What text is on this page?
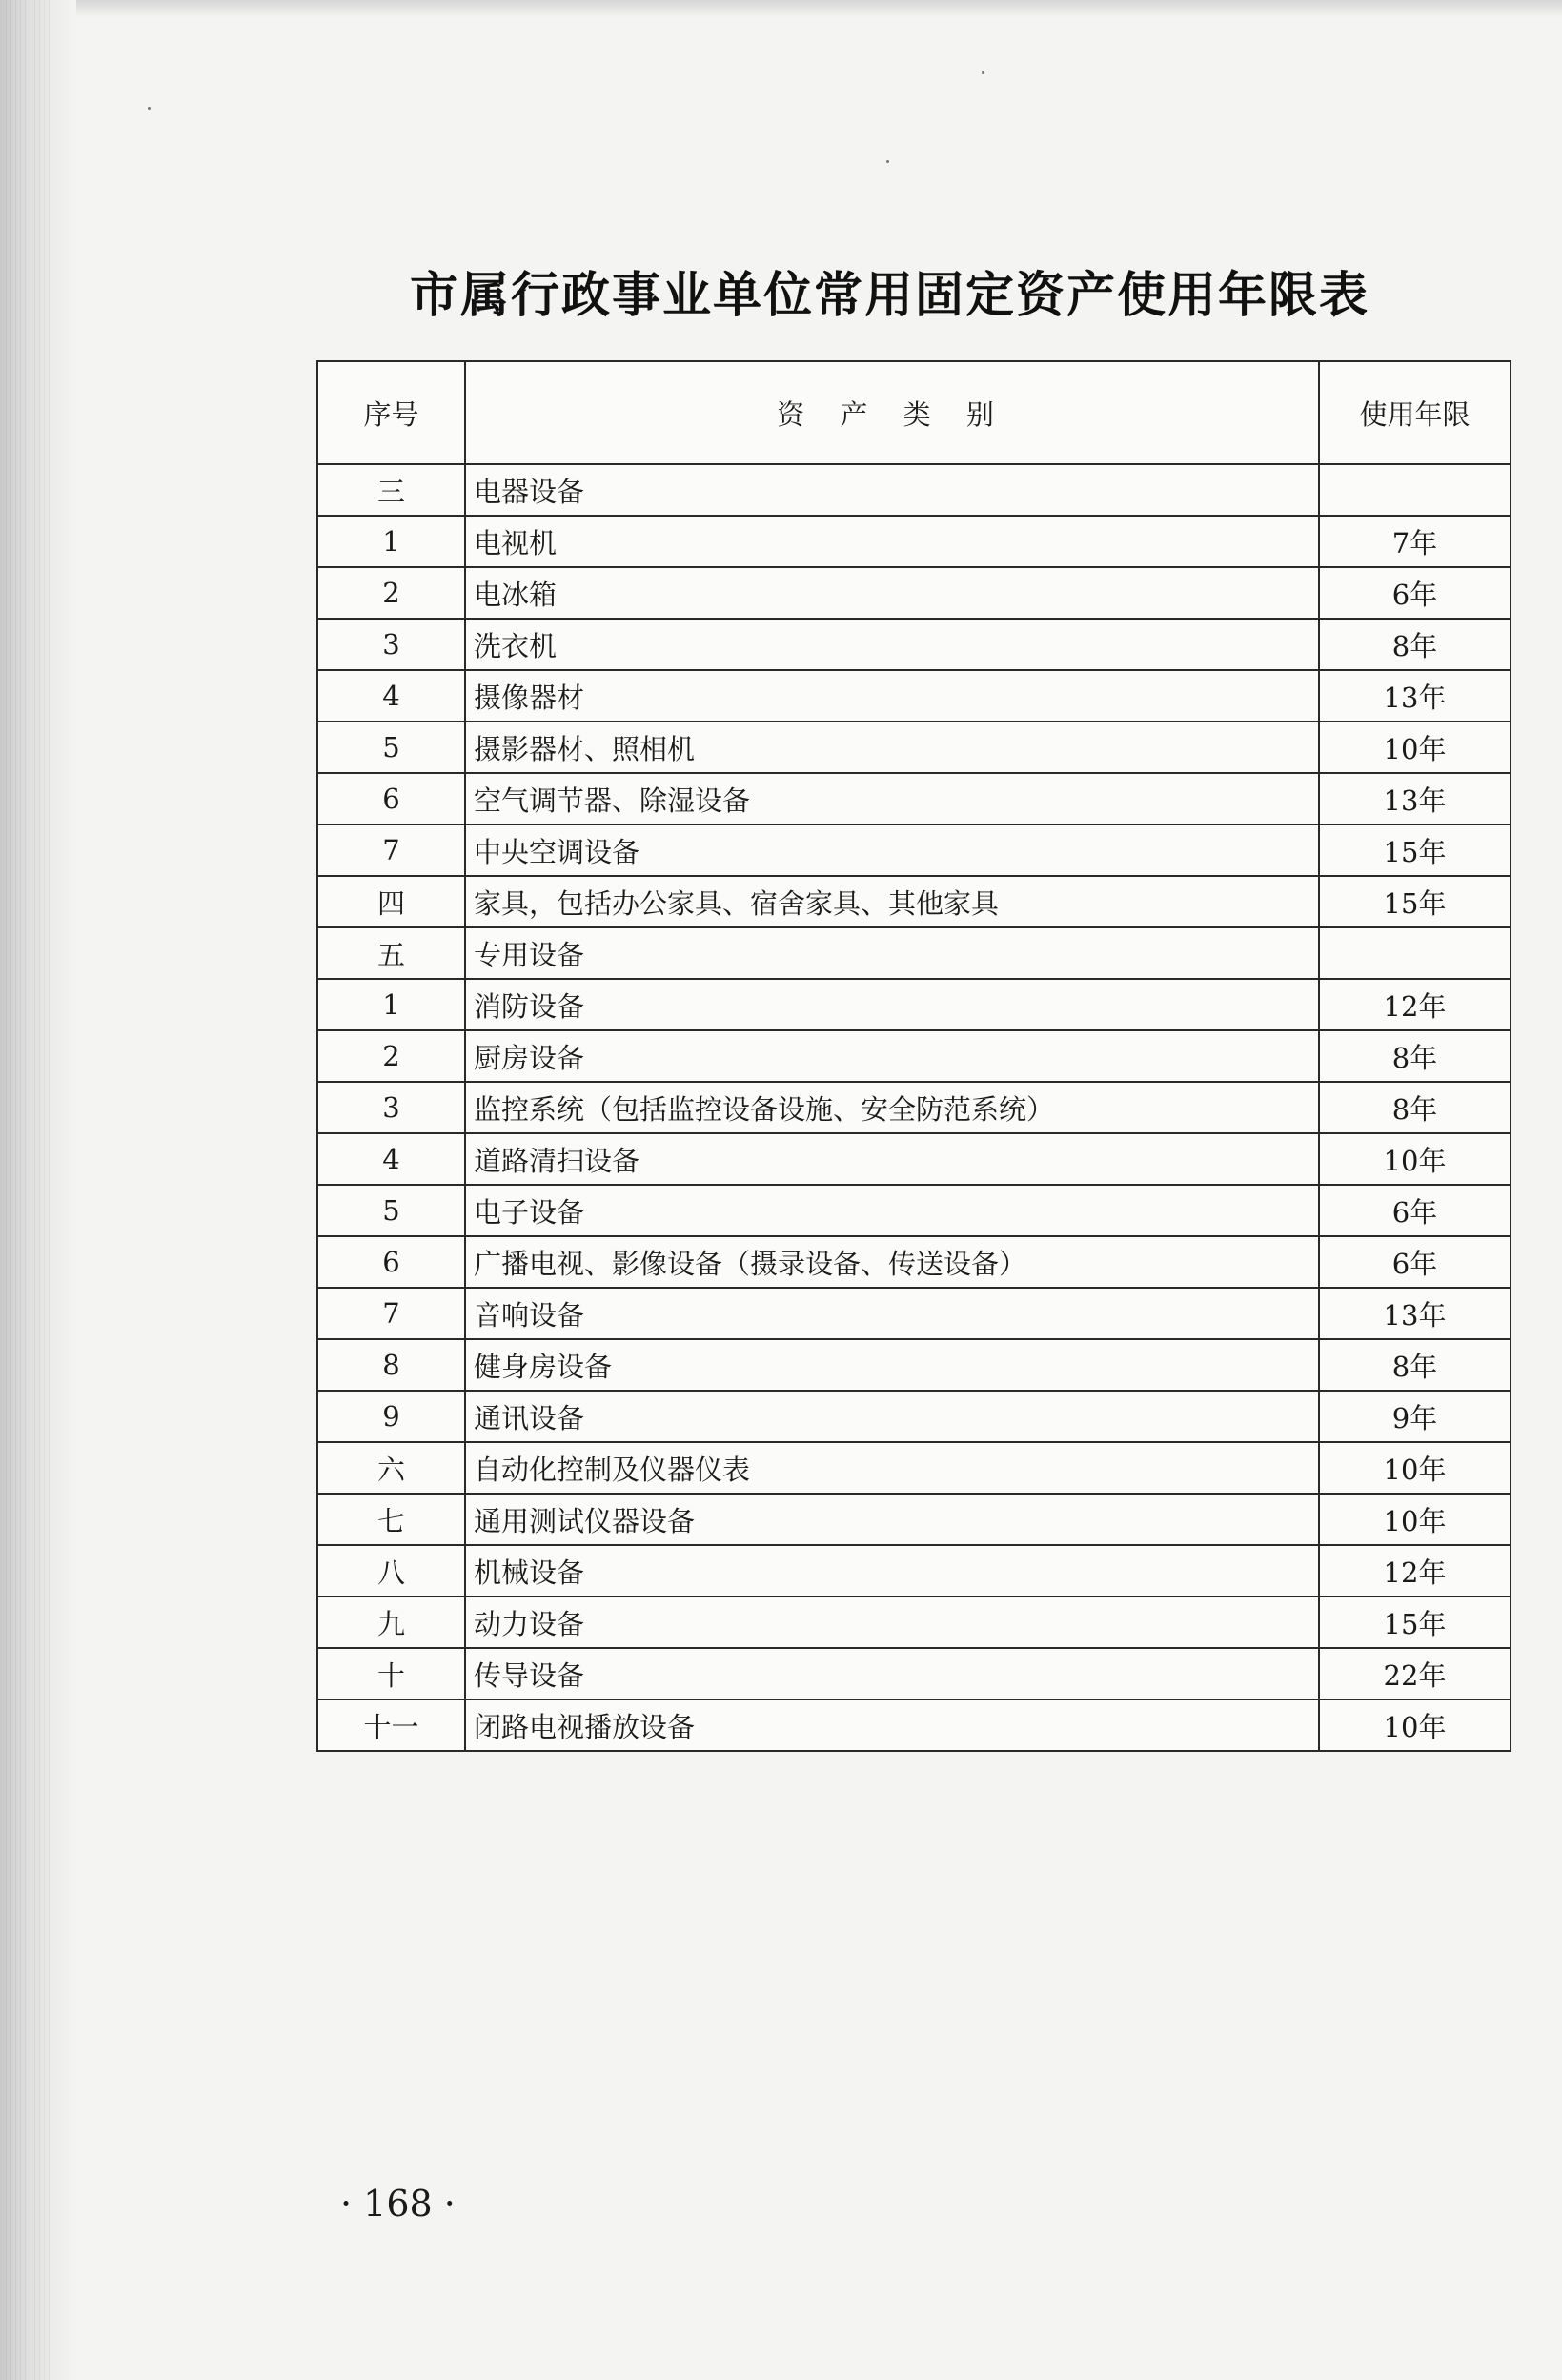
市属行政事业单位常用固定资产使用年限表
序号	资 产 类 别	使用年限
三	电器设备	
1	电视机	7年
2	电冰箱	6年
3	洗衣机	8年
4	摄像器材	13年
5	摄影器材、照相机	10年
6	空气调节器、除湿设备	13年
7	中央空调设备	15年
四	家具，包括办公家具、宿舍家具、其他家具	15年
五	专用设备	
1	消防设备	12年
2	厨房设备	8年
3	监控系统（包括监控设备设施、安全防范系统）	8年
4	道路清扫设备	10年
5	电子设备	6年
6	广播电视、影像设备（摄录设备、传送设备）	6年
7	音响设备	13年
8	健身房设备	8年
9	通讯设备	9年
六	自动化控制及仪器仪表	10年
七	通用测试仪器设备	10年
八	机械设备	12年
九	动力设备	15年
十	传导设备	22年
十一	闭路电视播放设备	10年
· 168 ·
